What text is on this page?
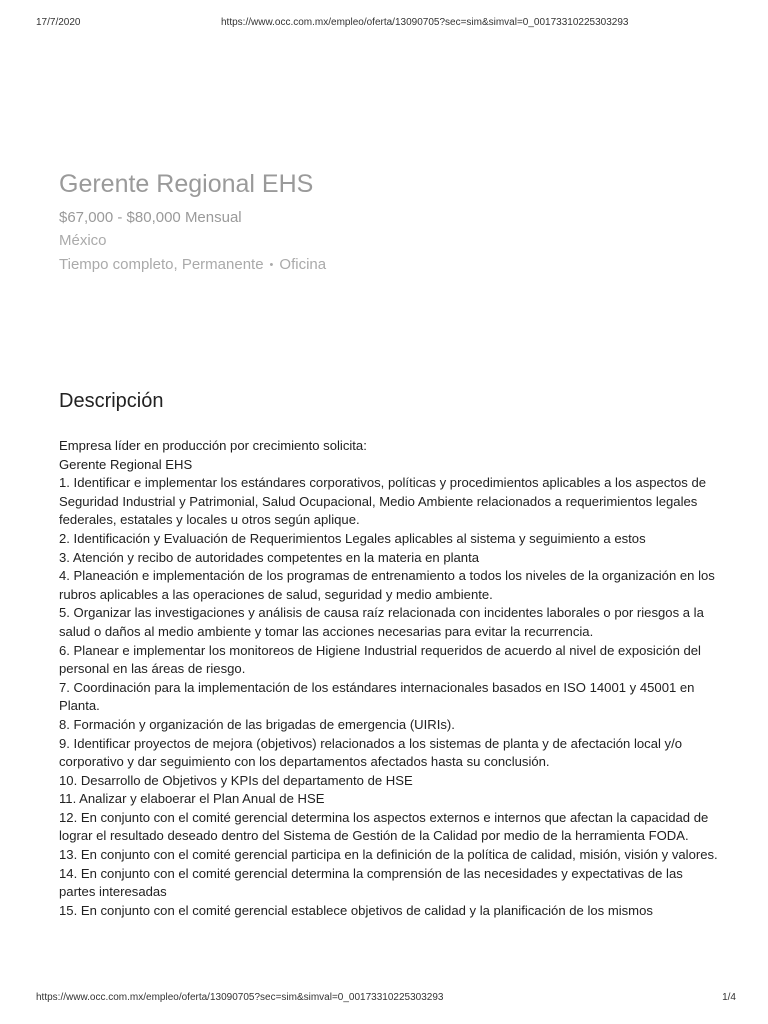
17/7/2020	https://www.occ.com.mx/empleo/oferta/13090705?sec=sim&simval=0_00173310225303293
Gerente Regional EHS
$67,000 - $80,000 Mensual
México
Tiempo completo, Permanente • Oficina
Descripción

Empresa líder en producción por crecimiento solicita:

Gerente Regional EHS

1. Identificar e implementar los estándares corporativos, políticas y procedimientos aplicables a los aspectos de Seguridad Industrial y Patrimonial, Salud Ocupacional, Medio Ambiente relacionados a requerimientos legales federales, estatales y locales u otros según aplique.

2. Identificación y Evaluación de Requerimientos Legales aplicables al sistema y seguimiento a estos

3. Atención y recibo de autoridades competentes en la materia en planta

4. Planeación e implementación de los programas de entrenamiento a todos los niveles de la organización en los rubros aplicables a las operaciones de salud, seguridad y medio ambiente.

5. Organizar las investigaciones y análisis de causa raíz relacionada con incidentes laborales o por riesgos a la salud o daños al medio ambiente y tomar las acciones necesarias para evitar la recurrencia.

6. Planear e implementar los monitoreos de Higiene Industrial requeridos de acuerdo al nivel de exposición del personal en las áreas de riesgo.

7. Coordinación para la implementación de los estándares internacionales basados en ISO 14001 y 45001 en Planta.

8. Formación y organización de las brigadas de emergencia (UIRIs).

9. Identificar proyectos de mejora (objetivos) relacionados a los sistemas de planta y de afectación local y/o corporativo y dar seguimiento con los departamentos afectados hasta su conclusión.

10. Desarrollo de Objetivos y KPIs del departamento de HSE

11. Analizar y elaboerar el Plan Anual de HSE

12. En conjunto con el comité gerencial determina los aspectos externos e internos que afectan la capacidad de lograr el resultado deseado dentro del Sistema de Gestión de la Calidad por medio de la herramienta FODA.

13. En conjunto con el comité gerencial participa en la definición de la política de calidad, misión, visión y valores.

14. En conjunto con el comité gerencial determina la comprensión de las necesidades y expectativas de las partes interesadas

15. En conjunto con el comité gerencial establece objetivos de calidad y la planificación de los mismos

https://www.occ.com.mx/empleo/oferta/13090705?sec=sim&simval=0_00173310225303293	1/4
